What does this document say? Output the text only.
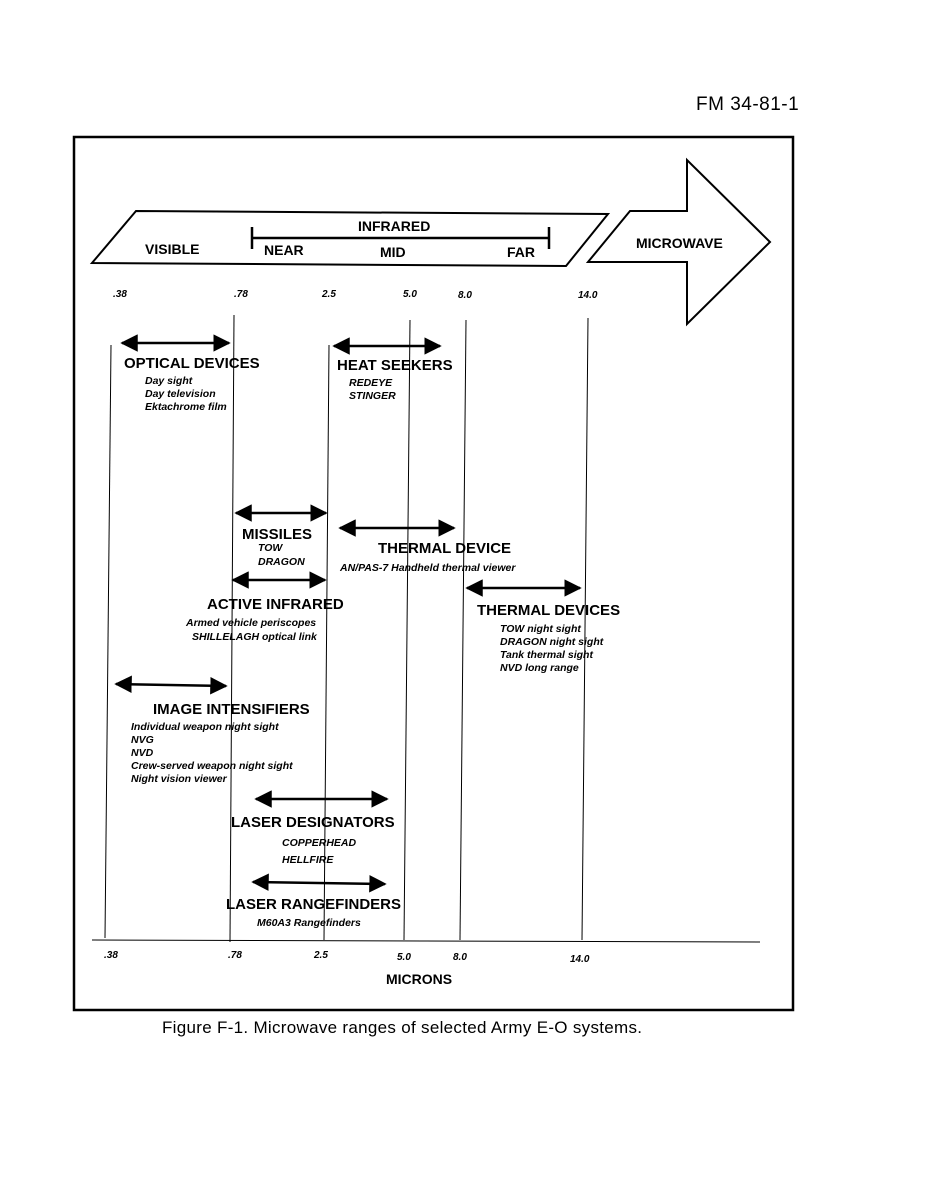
FM 34-81-1
VISIBLE
INFRARED
NEAR	MID	FAR
MICROWAVE
.38	.78	2.5	5.0	8.0	14.0
.38	.78	2.5	5.0	8.0	14.0
MICRONS
OPTICAL DEVICES
Day sight
Day television
Ektachrome film
HEAT SEEKERS
REDEYE
STINGER
MISSILES
TOW
DRAGON
THERMAL DEVICE
AN/PAS-7 Handheld thermal viewer
ACTIVE INFRARED
Armed vehicle periscopes
SHILLELAGH optical link
THERMAL DEVICES
TOW night sight
DRAGON night sight
Tank thermal sight
NVD long range
IMAGE INTENSIFIERS
Individual weapon night sight
NVG
NVD
Crew-served weapon night sight
Night vision viewer
LASER DESIGNATORS
COPPERHEAD
HELLFIRE
LASER RANGEFINDERS
M60A3 Rangefinders
Figure F-1. Microwave ranges of selected Army E-O systems.
